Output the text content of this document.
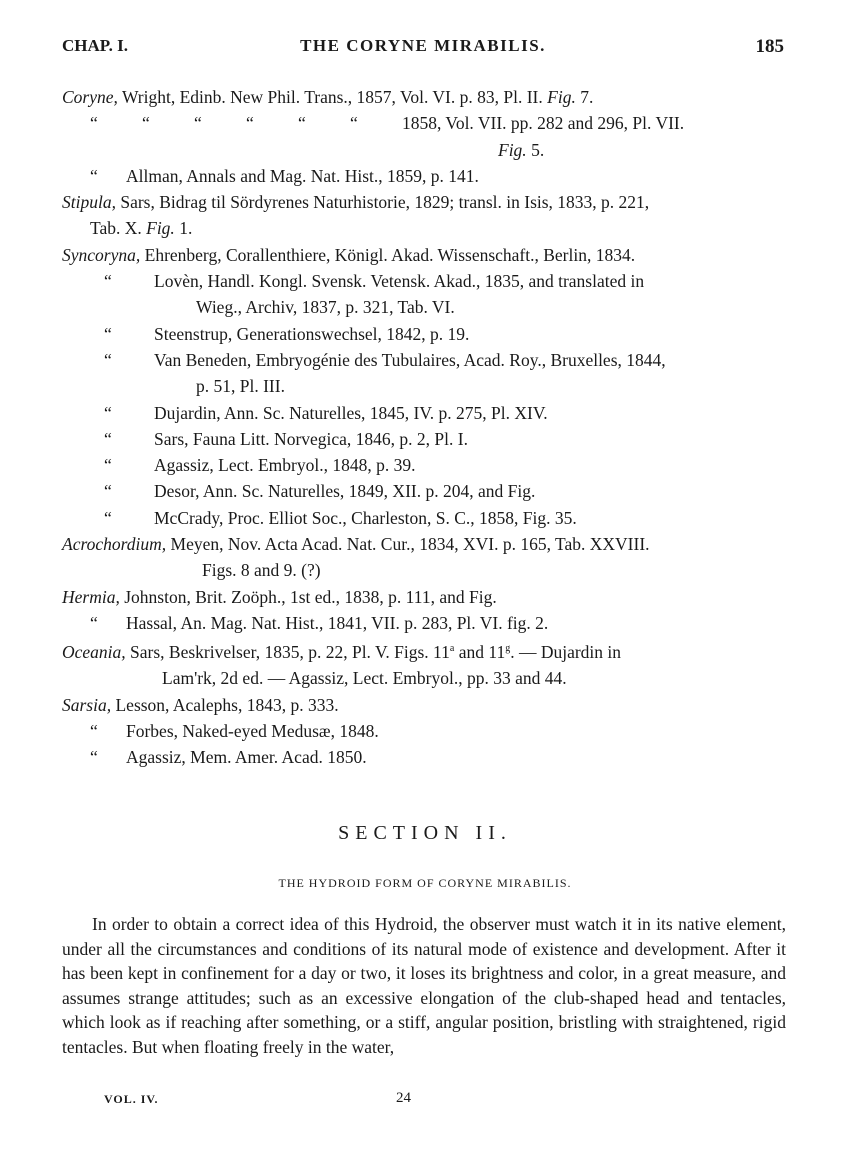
CHAP. I.	THE CORYNE MIRABILIS.	185
Coryne, Wright, Edinb. New Phil. Trans., 1857, Vol. VI. p. 83, Pl. II. Fig. 7.
“	“	“	“	“	“	1858, Vol. VII. pp. 282 and 296, Pl. VII.
Fig. 5.
“ Allman, Annals and Mag. Nat. Hist., 1859, p. 141.
Stipula, Sars, Bidrag til Sördyrenes Naturhistorie, 1829; transl. in Isis, 1833, p. 221,
Tab. X. Fig. 1.
Syncoryna, Ehrenberg, Corallenthiere, Königl. Akad. Wissenschaft., Berlin, 1834.
“ Lovèn, Handl. Kongl. Svensk. Vetensk. Akad., 1835, and translated in
Wieg., Archiv, 1837, p. 321, Tab. VI.
“ Steenstrup, Generationswechsel, 1842, p. 19.
“ Van Beneden, Embryogénie des Tubulaires, Acad. Roy., Bruxelles, 1844,
p. 51, Pl. III.
“ Dujardin, Ann. Sc. Naturelles, 1845, IV. p. 275, Pl. XIV.
“ Sars, Fauna Litt. Norvegica, 1846, p. 2, Pl. I.
“ Agassiz, Lect. Embryol., 1848, p. 39.
“ Desor, Ann. Sc. Naturelles, 1849, XII. p. 204, and Fig.
“ McCrady, Proc. Elliot Soc., Charleston, S. C., 1858, Fig. 35.
Acrochordium, Meyen, Nov. Acta Acad. Nat. Cur., 1834, XVI. p. 165, Tab. XXVIII.
Figs. 8 and 9. (?)
Hermia, Johnston, Brit. Zoöph., 1st ed., 1838, p. 111, and Fig.
“ Hassal, An. Mag. Nat. Hist., 1841, VII. p. 283, Pl. VI. fig. 2.
Oceania, Sars, Beskrivelser, 1835, p. 22, Pl. V. Figs. 11$^a$ and 11$^g$. — Dujardin in
Lam'rk, 2d ed. — Agassiz, Lect. Embryol., pp. 33 and 44.
Sarsia, Lesson, Acalephs, 1843, p. 333.
“ Forbes, Naked-eyed Medusæ, 1848.
“ Agassiz, Mem. Amer. Acad. 1850.
SECTION II.
THE HYDROID FORM OF CORYNE MIRABILIS.

In order to obtain a correct idea of this Hydroid, the observer must watch it in its native element, under all the circumstances and conditions of its natural mode of existence and development. After it has been kept in confinement for a day or two, it loses its brightness and color, in a great measure, and assumes strange attitudes; such as an excessive elongation of the club-shaped head and tentacles, which look as if reaching after something, or a stiff, angular position, bristling with straightened, rigid tentacles. But when floating freely in the water,

VOL. IV.	24
